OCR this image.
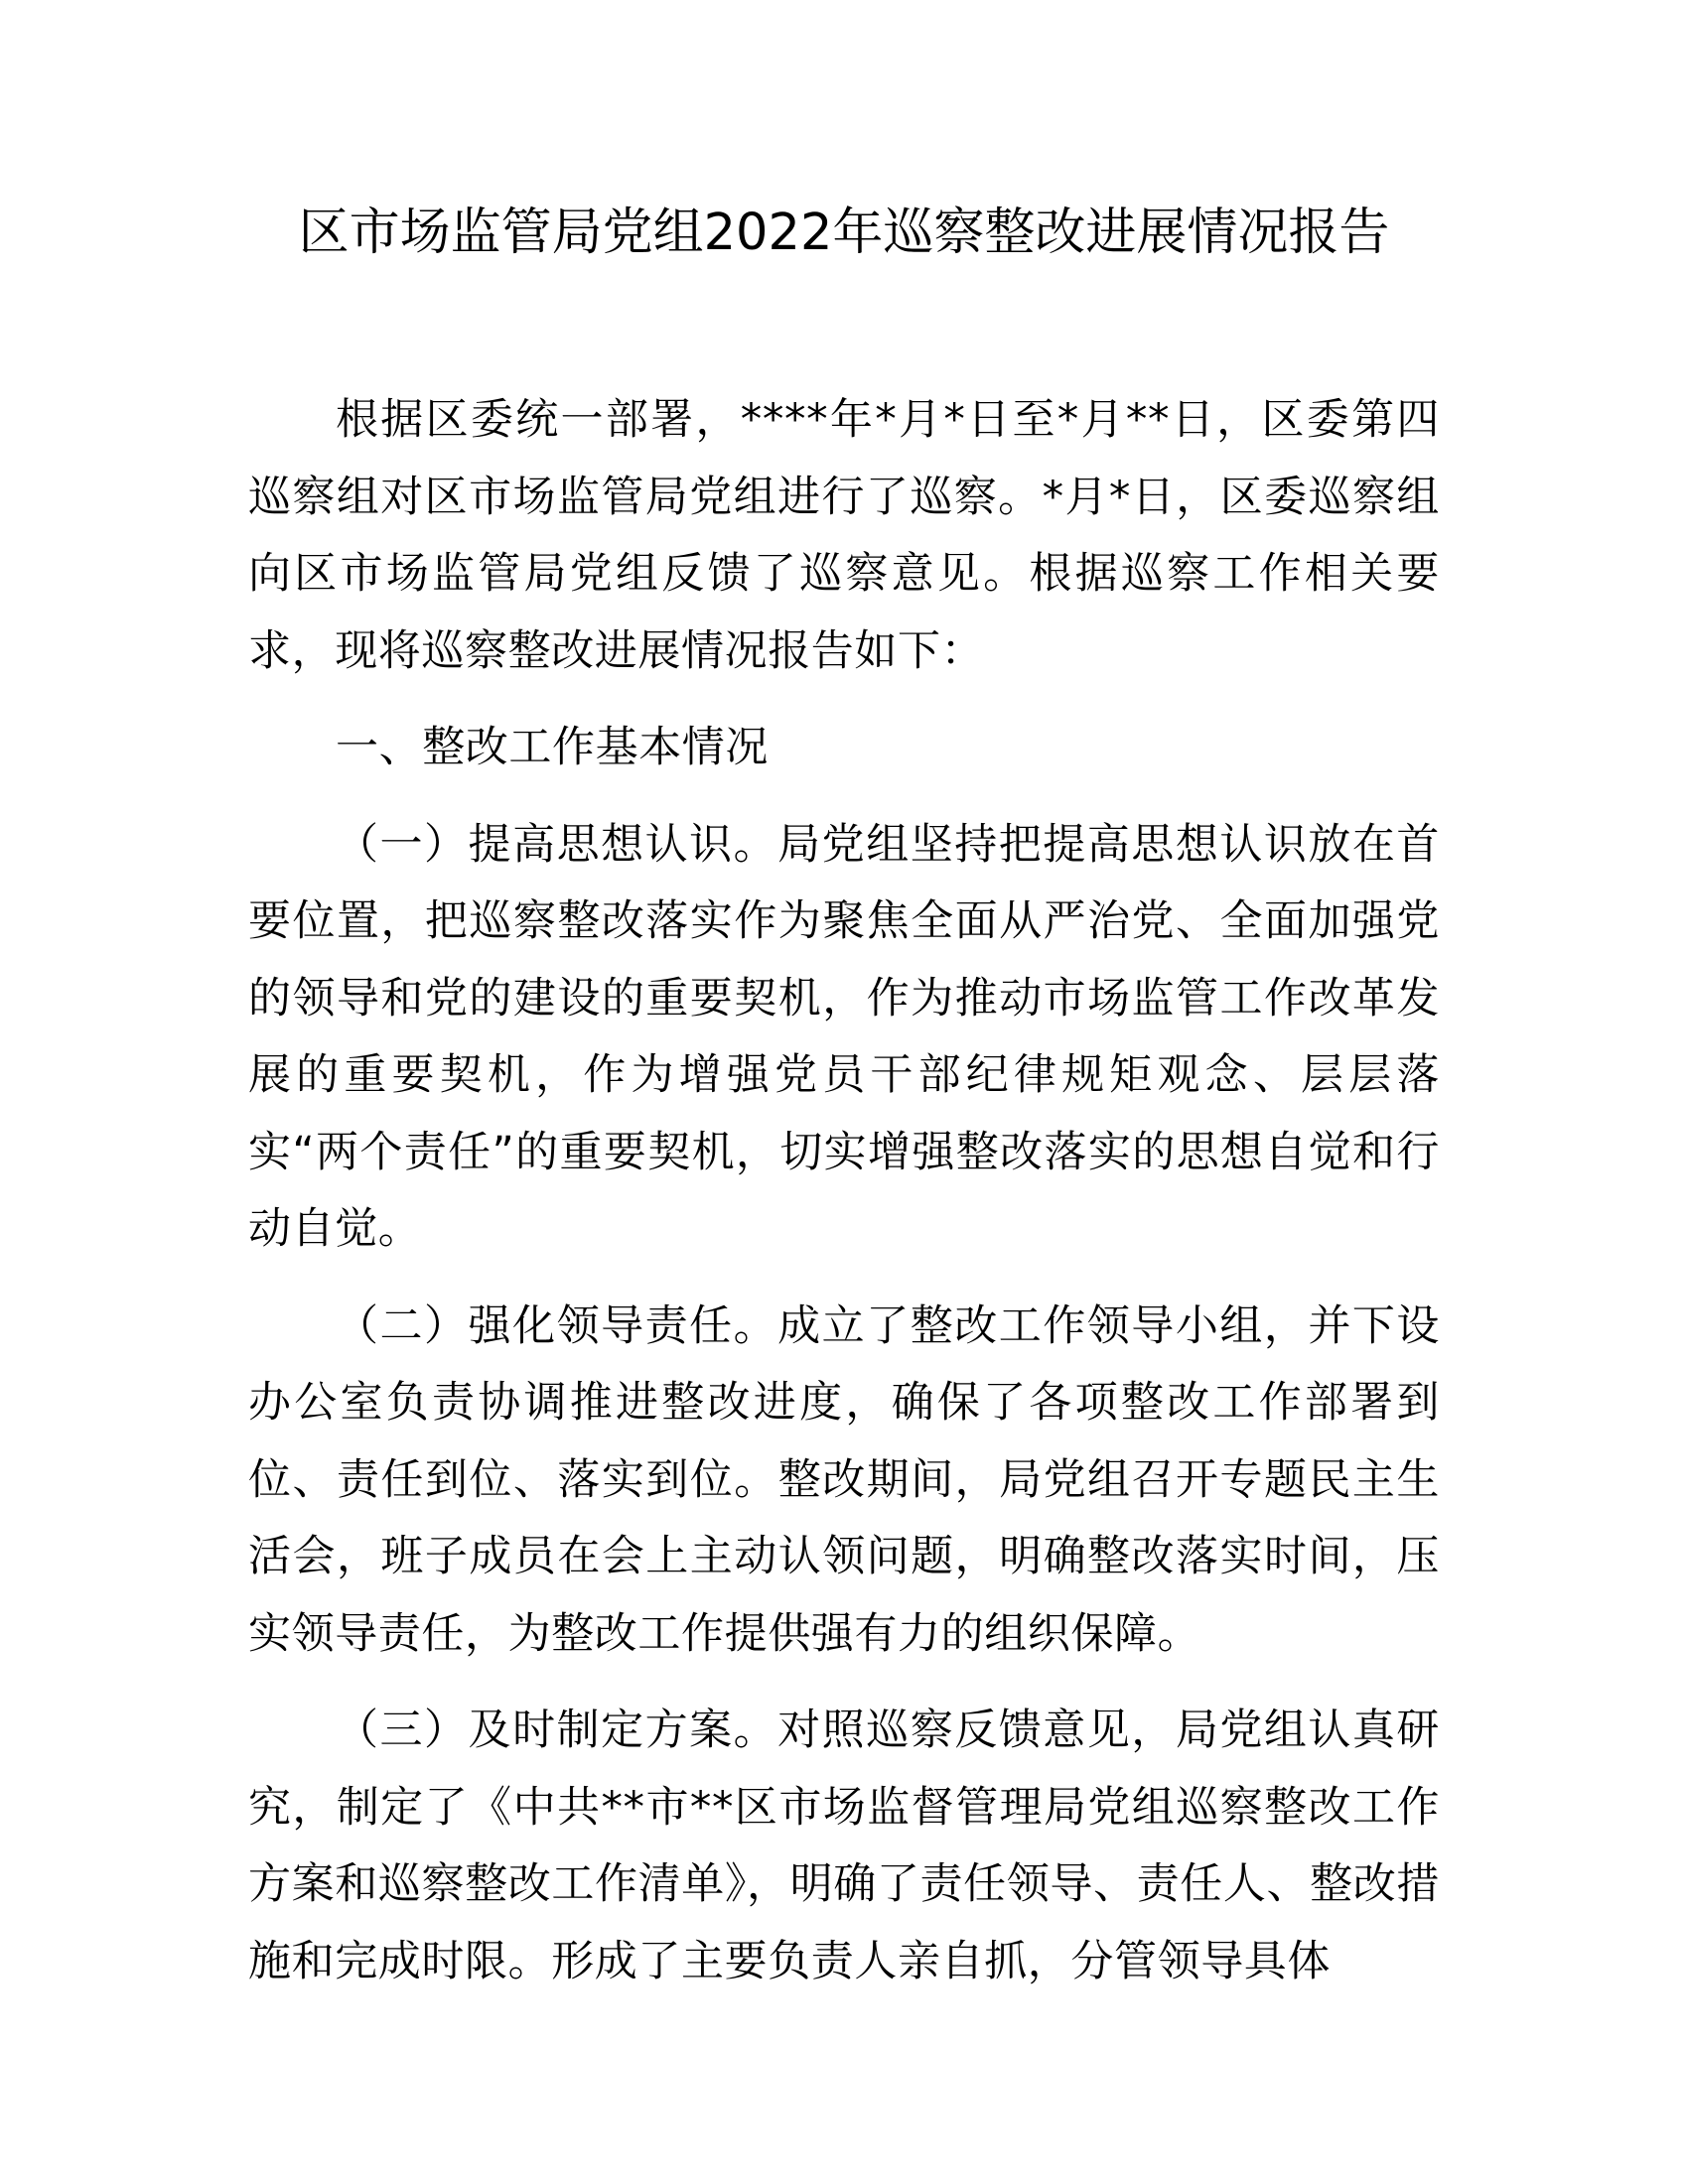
区市场监管局党组2022年巡察整改进展情况报告

根据区委统一部署，****年*月*日至*月**日，区委第四巡察组对区市场监管局党组进行了巡察。*月*日，区委巡察组向区市场监管局党组反馈了巡察意见。根据巡察工作相关要求，现将巡察整改进展情况报告如下：

一、整改工作基本情况

（一）提高思想认识。局党组坚持把提高思想认识放在首要位置，把巡察整改落实作为聚焦全面从严治党、全面加强党的领导和党的建设的重要契机，作为推动市场监管工作改革发展的重要契机，作为增强党员干部纪律规矩观念、层层落实“两个责任”的重要契机，切实增强整改落实的思想自觉和行动自觉。

（二）强化领导责任。成立了整改工作领导小组，并下设办公室负责协调推进整改进度，确保了各项整改工作部署到位、责任到位、落实到位。整改期间，局党组召开专题民主生活会，班子成员在会上主动认领问题，明确整改落实时间，压实领导责任，为整改工作提供强有力的组织保障。

（三）及时制定方案。对照巡察反馈意见，局党组认真研究，制定了《中共**市**区市场监督管理局党组巡察整改工作方案和巡察整改工作清单》，明确了责任领导、责任人、整改措施和完成时限。形成了主要负责人亲自抓，分管领导具体
